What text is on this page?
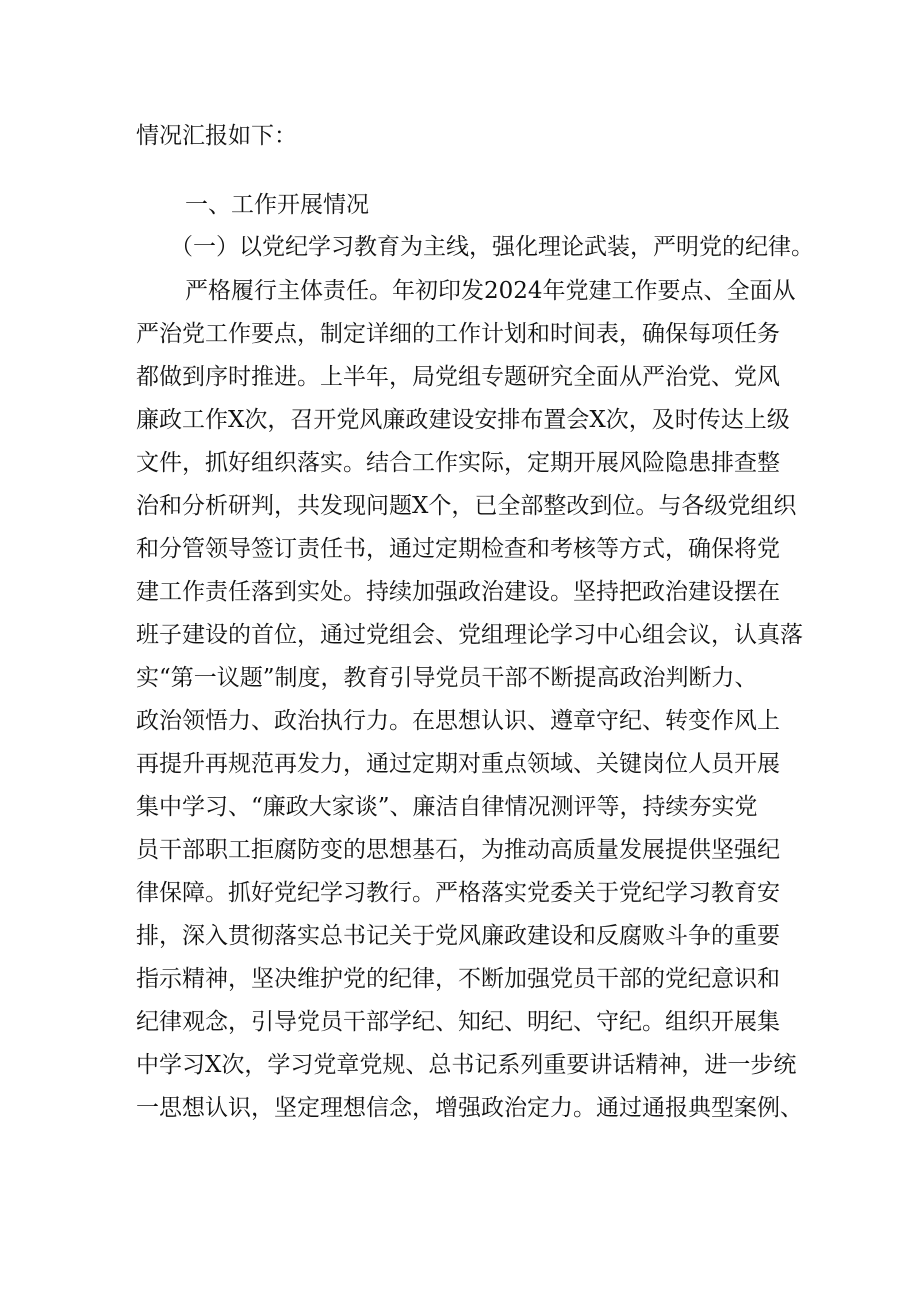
情况汇报如下：
一、工作开展情况
（一）以党纪学习教育为主线，强化理论武装，严明党的纪律。
严格履行主体责任。年初印发2024年党建工作要点、全面从
严治党工作要点，制定详细的工作计划和时间表，确保每项任务
都做到序时推进。上半年，局党组专题研究全面从严治党、党风
廉政工作X次，召开党风廉政建设安排布置会X次，及时传达上级
文件，抓好组织落实。结合工作实际，定期开展风险隐患排查整
治和分析研判，共发现问题X个，已全部整改到位。与各级党组织
和分管领导签订责任书，通过定期检查和考核等方式，确保将党
建工作责任落到实处。持续加强政治建设。坚持把政治建设摆在
班子建设的首位，通过党组会、党组理论学习中心组会议，认真落
实“第一议题”制度，教育引导党员干部不断提高政治判断力、
政治领悟力、政治执行力。在思想认识、遵章守纪、转变作风上
再提升再规范再发力，通过定期对重点领域、关键岗位人员开展
集中学习、“廉政大家谈”、廉洁自律情况测评等，持续夯实党
员干部职工拒腐防变的思想基石，为推动高质量发展提供坚强纪
律保障。抓好党纪学习教行。严格落实党委关于党纪学习教育安
排，深入贯彻落实总书记关于党风廉政建设和反腐败斗争的重要
指示精神，坚决维护党的纪律，不断加强党员干部的党纪意识和
纪律观念，引导党员干部学纪、知纪、明纪、守纪。组织开展集
中学习X次，学习党章党规、总书记系列重要讲话精神，进一步统
一思想认识，坚定理想信念，增强政治定力。通过通报典型案例、
